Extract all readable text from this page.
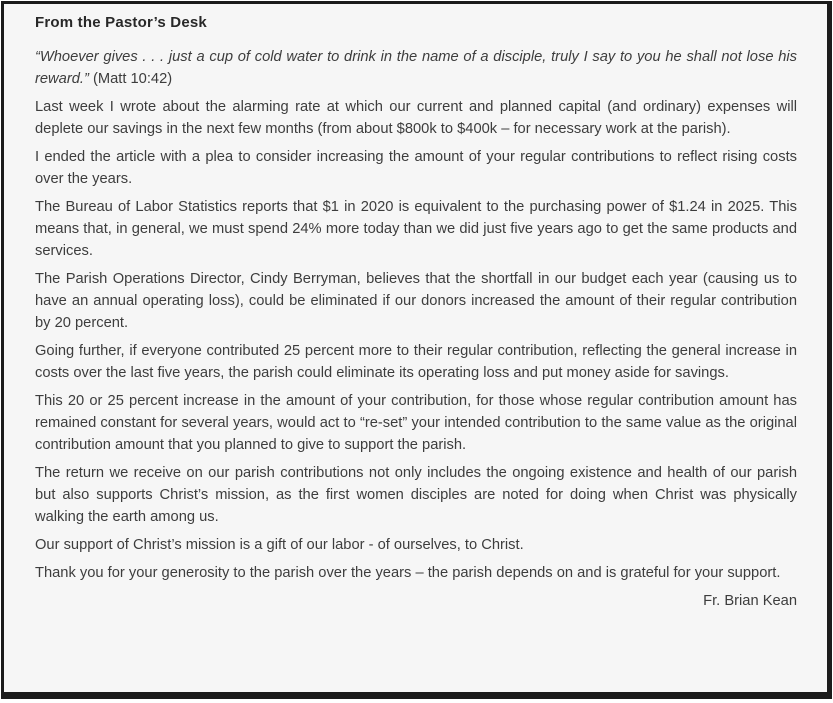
From the Pastor’s Desk

“Whoever gives . . . just a cup of cold water to drink in the name of a disciple, truly I say to you he shall not lose his reward.” (Matt 10:42)

Last week I wrote about the alarming rate at which our current and planned capital (and ordinary) expenses will deplete our savings in the next few months (from about $800k to $400k – for necessary work at the parish).

I ended the article with a plea to consider increasing the amount of your regular contributions to reflect rising costs over the years.

The Bureau of Labor Statistics reports that $1 in 2020 is equivalent to the purchasing power of $1.24 in 2025. This means that, in general, we must spend 24% more today than we did just five years ago to get the same products and services.

The Parish Operations Director, Cindy Berryman, believes that the shortfall in our budget each year (causing us to have an annual operating loss), could be eliminated if our donors increased the amount of their regular contribution by 20 percent.

Going further, if everyone contributed 25 percent more to their regular contribution, reflecting the general increase in costs over the last five years, the parish could eliminate its operating loss and put money aside for savings.

This 20 or 25 percent increase in the amount of your contribution, for those whose regular contribution amount has remained constant for several years, would act to “re-set” your intended contribution to the same value as the original contribution amount that you planned to give to support the parish.

The return we receive on our parish contributions not only includes the ongoing existence and health of our parish but also supports Christ’s mission, as the first women disciples are noted for doing when Christ was physically walking the earth among us.

Our support of Christ’s mission is a gift of our labor - of ourselves, to Christ.

Thank you for your generosity to the parish over the years – the parish depends on and is grateful for your support.

Fr. Brian Kean
